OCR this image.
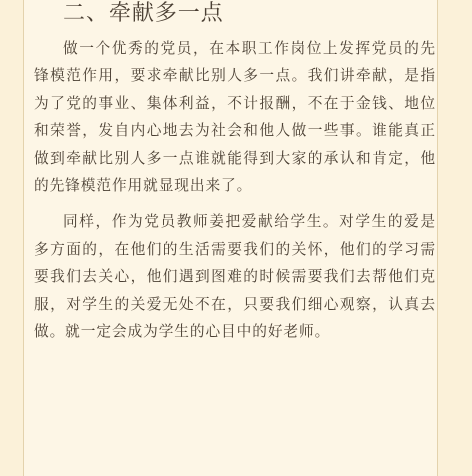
二、牵献多一点

做一个优秀的党员，在本职工作岗位上发挥党员的先锋模范作用，要求牵献比别人多一点。我们讲牵献，是指为了党的事业、集体利益，不计报酬，不在于金钱、地位和荣誉，发自内心地去为社会和他人做一些事。谁能真正做到牵献比别人多一点谁就能得到大家的承认和肯定，他的先锋模范作用就显现出来了。

同样，作为党员教师姜把爱献给学生。对学生的爱是多方面的，在他们的生活需要我们的关怀，他们的学习需要我们去关心，他们遇到图难的时候需要我们去帮他们克服，对学生的关爱无处不在，只要我们细心观察，认真去做。就一定会成为学生的心目中的好老师。
